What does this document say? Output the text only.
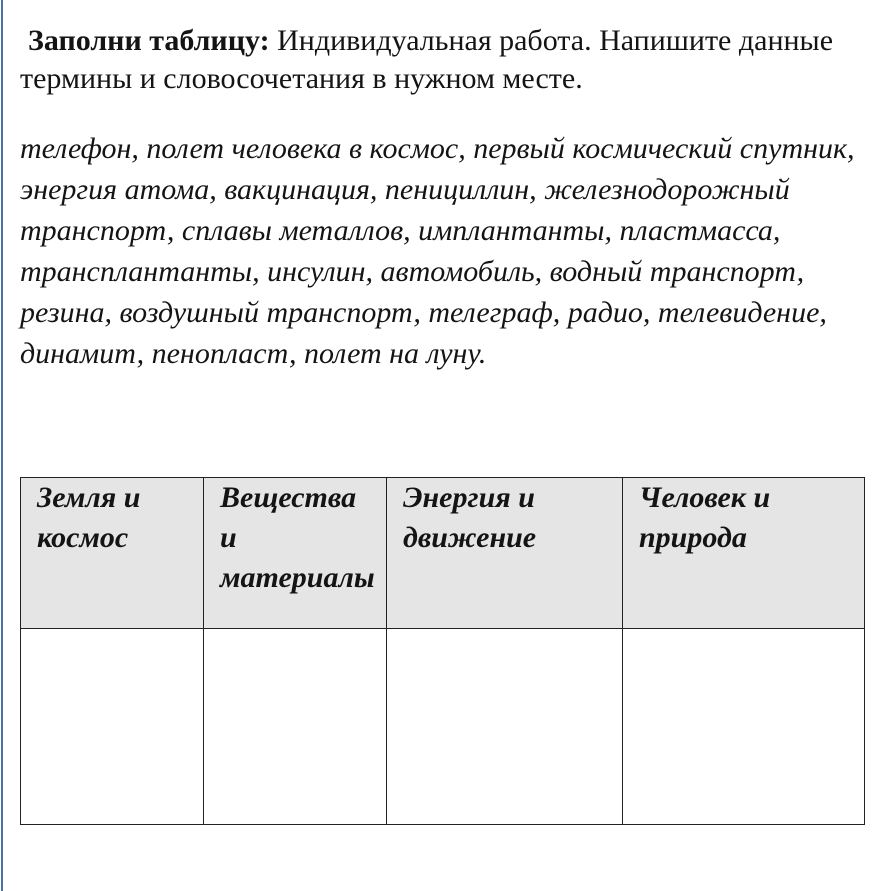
Заполни таблицу: Индивидуальная работа. Напишите данные термины и словосочетания в нужном месте.

телефон, полет человека в космос, первый космический спутник, энергия атома, вакцинация, пенициллин, железнодорожный транспорт, сплавы металлов, имплантанты, пластмасса, трансплантанты, инсулин, автомобиль, водный транспорт, резина, воздушный транспорт, телеграф, радио, телевидение, динамит, пенопласт, полет на луну.

Земля и космос	Вещества и материалы	Энергия и движение	Человек и природа
